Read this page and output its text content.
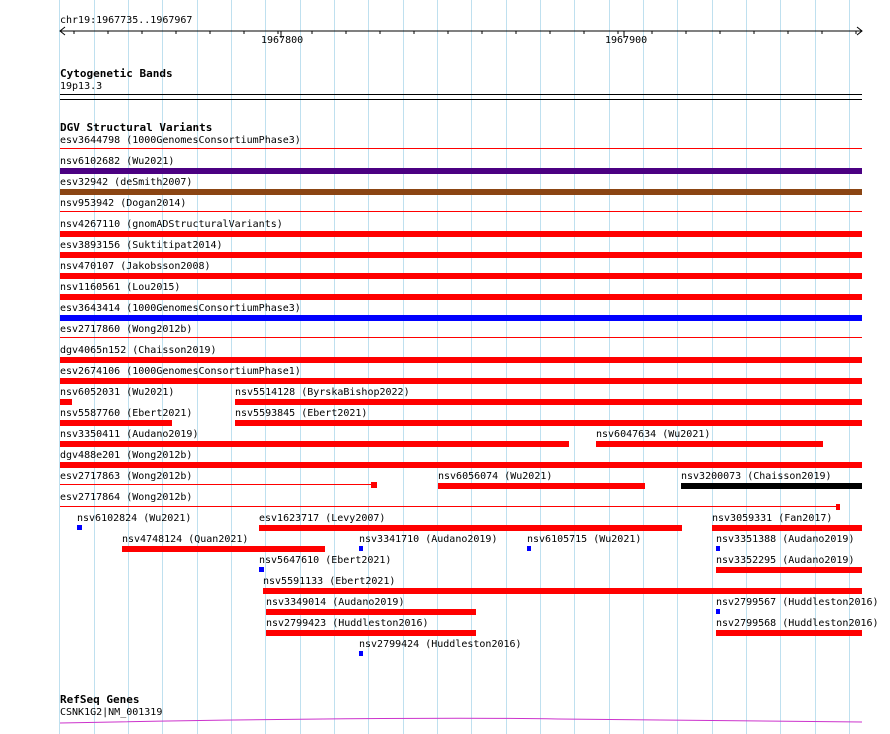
chr19:1967735..1967967
1967800	1967900
Cytogenetic Bands
19p13.3
DGV Structural Variants
esv3644798 (1000GenomesConsortiumPhase3)
nsv6102682 (Wu2021)
esv32942 (deSmith2007)
nsv953942 (Dogan2014)
nsv4267110 (gnomADStructuralVariants)
esv3893156 (Suktitipat2014)
nsv470107 (Jakobsson2008)
nsv1160561 (Lou2015)
esv3643414 (1000GenomesConsortiumPhase3)
esv2717860 (Wong2012b)
dgv4065n152 (Chaisson2019)
esv2674106 (1000GenomesConsortiumPhase1)
nsv6052031 (Wu2021)	nsv5514128 (ByrskaBishop2022)
nsv5587760 (Ebert2021)	nsv5593845 (Ebert2021)
nsv3350411 (Audano2019)	nsv6047634 (Wu2021)
dgv488e201 (Wong2012b)
esv2717863 (Wong2012b)	nsv6056074 (Wu2021)	nsv3200073 (Chaisson2019)
esv2717864 (Wong2012b)
nsv6102824 (Wu2021)	esv1623717 (Levy2007)	nsv3059331 (Fan2017)
nsv4748124 (Quan2021)	nsv3341710 (Audano2019)	nsv6105715 (Wu2021)	nsv3351388 (Audano2019)
nsv5647610 (Ebert2021)	nsv3352295 (Audano2019)
nsv5591133 (Ebert2021)
nsv3349014 (Audano2019)	nsv2799567 (Huddleston2016)
nsv2799423 (Huddleston2016)	nsv2799568 (Huddleston2016)
nsv2799424 (Huddleston2016)
RefSeq Genes
CSNK1G2|NM_001319
